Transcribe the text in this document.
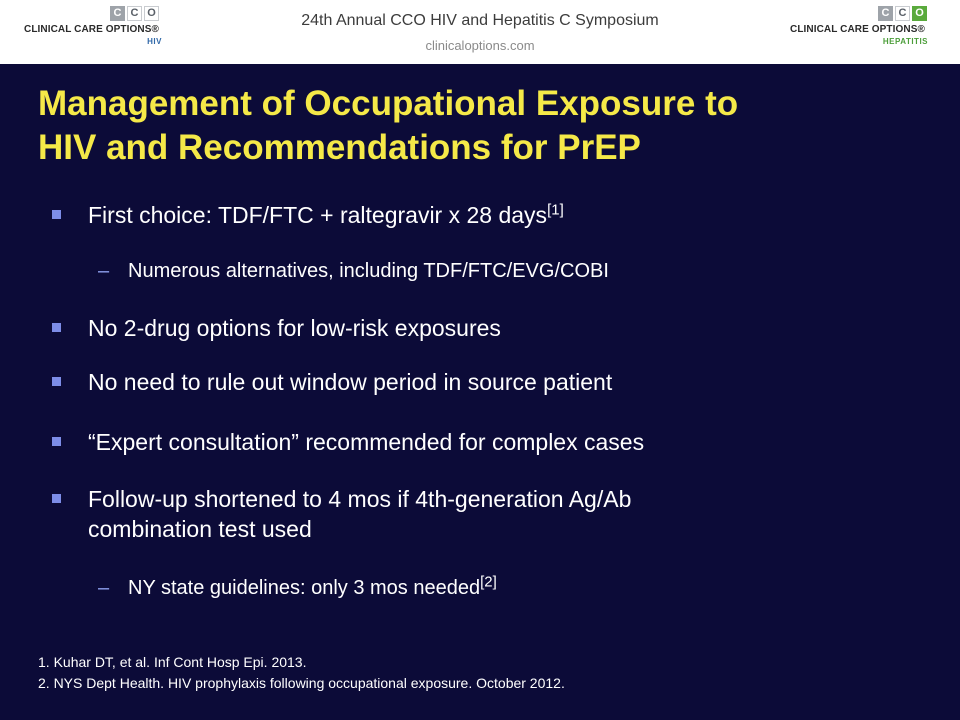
C C O
CLINICAL CARE OPTIONS®
HIV
24th Annual CCO HIV and Hepatitis C Symposium
clinicaloptions.com
C C O
CLINICAL CARE OPTIONS®
HEPATITIS
Management of Occupational Exposure to
HIV and Recommendations for PrEP
First choice: TDF/FTC + raltegravir x 28 days[1]
– Numerous alternatives, including TDF/FTC/EVG/COBI
No 2-drug options for low-risk exposures
No need to rule out window period in source patient
“Expert consultation” recommended for complex cases
Follow-up shortened to 4 mos if 4th-generation Ag/Ab
combination test used
– NY state guidelines: only 3 mos needed[2]
1. Kuhar DT, et al. Inf Cont Hosp Epi. 2013.
2. NYS Dept Health. HIV prophylaxis following occupational exposure. October 2012.
